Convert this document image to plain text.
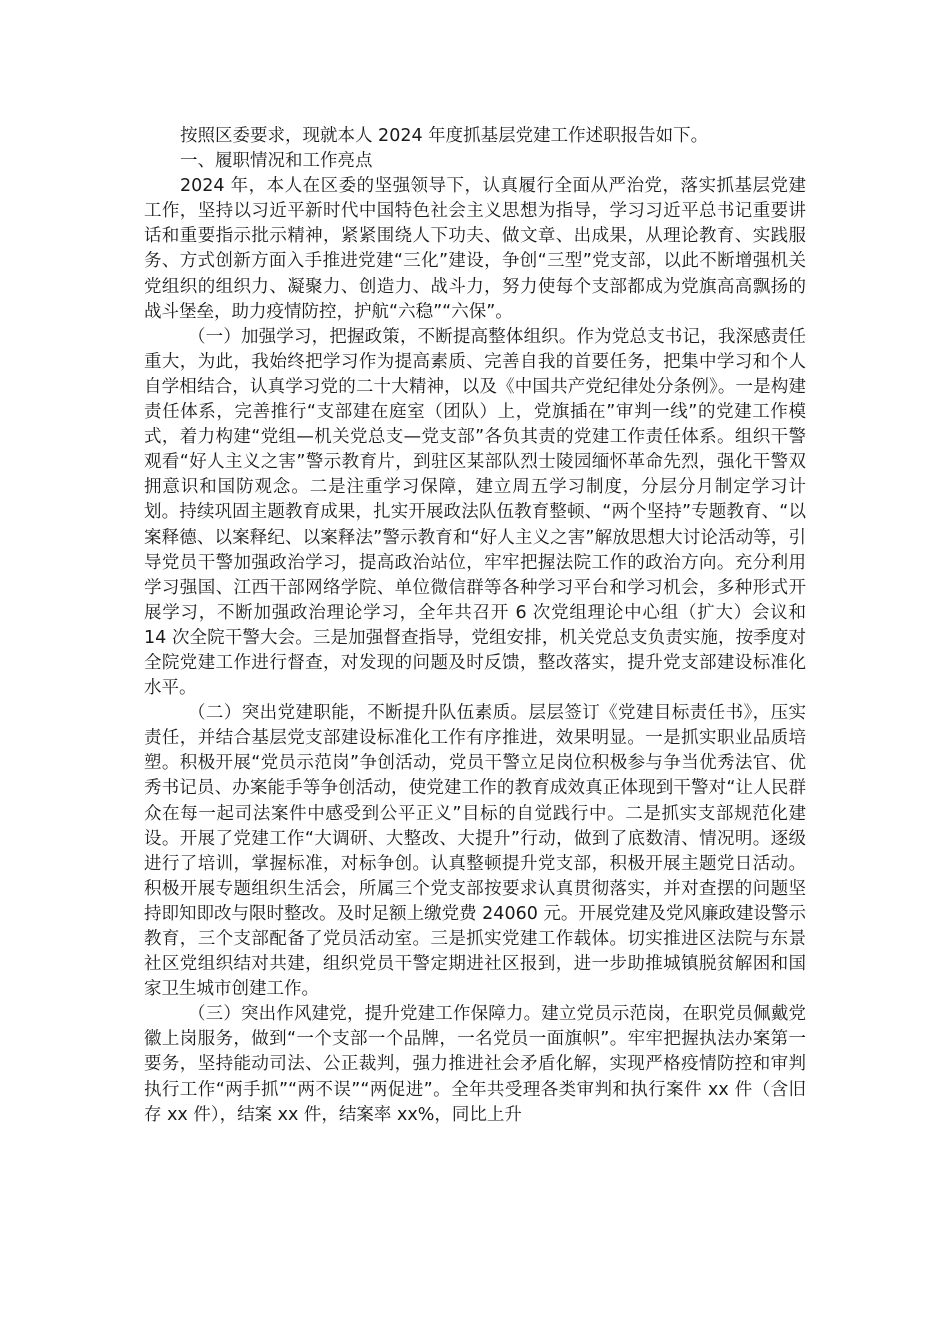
按照区委要求，现就本人 2024 年度抓基层党建工作述职报告如下。

一、履职情况和工作亮点

2024 年，本人在区委的坚强领导下，认真履行全面从严治党，落实抓基层党建工作，坚持以习近平新时代中国特色社会主义思想为指导，学习习近平总书记重要讲话和重要指示批示精神，紧紧围绕人下功夫、做文章、出成果，从理论教育、实践服务、方式创新方面入手推进党建“三化”建设，争创“三型”党支部，以此不断增强机关党组织的组织力、凝聚力、创造力、战斗力，努力使每个支部都成为党旗高高飘扬的战斗堡垒，助力疫情防控，护航“六稳”“六保”。

（一）加强学习，把握政策，不断提高整体组织。作为党总支书记，我深感责任重大，为此，我始终把学习作为提高素质、完善自我的首要任务，把集中学习和个人自学相结合，认真学习党的二十大精神，以及《中国共产党纪律处分条例》。一是构建责任体系，完善推行“支部建在庭室（团队）上，党旗插在”审判一线”的党建工作模式，着力构建“党组—机关党总支—党支部”各负其责的党建工作责任体系。组织干警观看“好人主义之害”警示教育片，到驻区某部队烈士陵园缅怀革命先烈，强化干警双拥意识和国防观念。二是注重学习保障，建立周五学习制度，分层分月制定学习计划。持续巩固主题教育成果，扎实开展政法队伍教育整顿、“两个坚持”专题教育、“以案释德、以案释纪、以案释法”警示教育和“好人主义之害”解放思想大讨论活动等，引导党员干警加强政治学习，提高政治站位，牢牢把握法院工作的政治方向。充分利用学习强国、江西干部网络学院、单位微信群等各种学习平台和学习机会，多种形式开展学习，不断加强政治理论学习，全年共召开 6 次党组理论中心组（扩大）会议和 14 次全院干警大会。三是加强督查指导，党组安排，机关党总支负责实施，按季度对全院党建工作进行督查，对发现的问题及时反馈，整改落实，提升党支部建设标准化水平。

（二）突出党建职能，不断提升队伍素质。层层签订《党建目标责任书》，压实责任，并结合基层党支部建设标准化工作有序推进，效果明显。一是抓实职业品质培塑。积极开展“党员示范岗”争创活动，党员干警立足岗位积极参与争当优秀法官、优秀书记员、办案能手等争创活动，使党建工作的教育成效真正体现到干警对“让人民群众在每一起司法案件中感受到公平正义”目标的自觉践行中。二是抓实支部规范化建设。开展了党建工作“大调研、大整改、大提升”行动，做到了底数清、情况明。逐级进行了培训，掌握标准，对标争创。认真整顿提升党支部，积极开展主题党日活动。积极开展专题组织生活会，所属三个党支部按要求认真贯彻落实，并对查摆的问题坚持即知即改与限时整改。及时足额上缴党费 24060 元。开展党建及党风廉政建设警示教育，三个支部配备了党员活动室。三是抓实党建工作载体。切实推进区法院与东景社区党组织结对共建，组织党员干警定期进社区报到，进一步助推城镇脱贫解困和国家卫生城市创建工作。

（三）突出作风建党，提升党建工作保障力。建立党员示范岗，在职党员佩戴党徽上岗服务，做到“一个支部一个品牌，一名党员一面旗帜”。牢牢把握执法办案第一要务，坚持能动司法、公正裁判，强力推进社会矛盾化解，实现严格疫情防控和审判执行工作“两手抓”“两不误”“两促进”。全年共受理各类审判和执行案件 xx 件（含旧存 xx 件），结案 xx 件，结案率 xx%，同比上升
